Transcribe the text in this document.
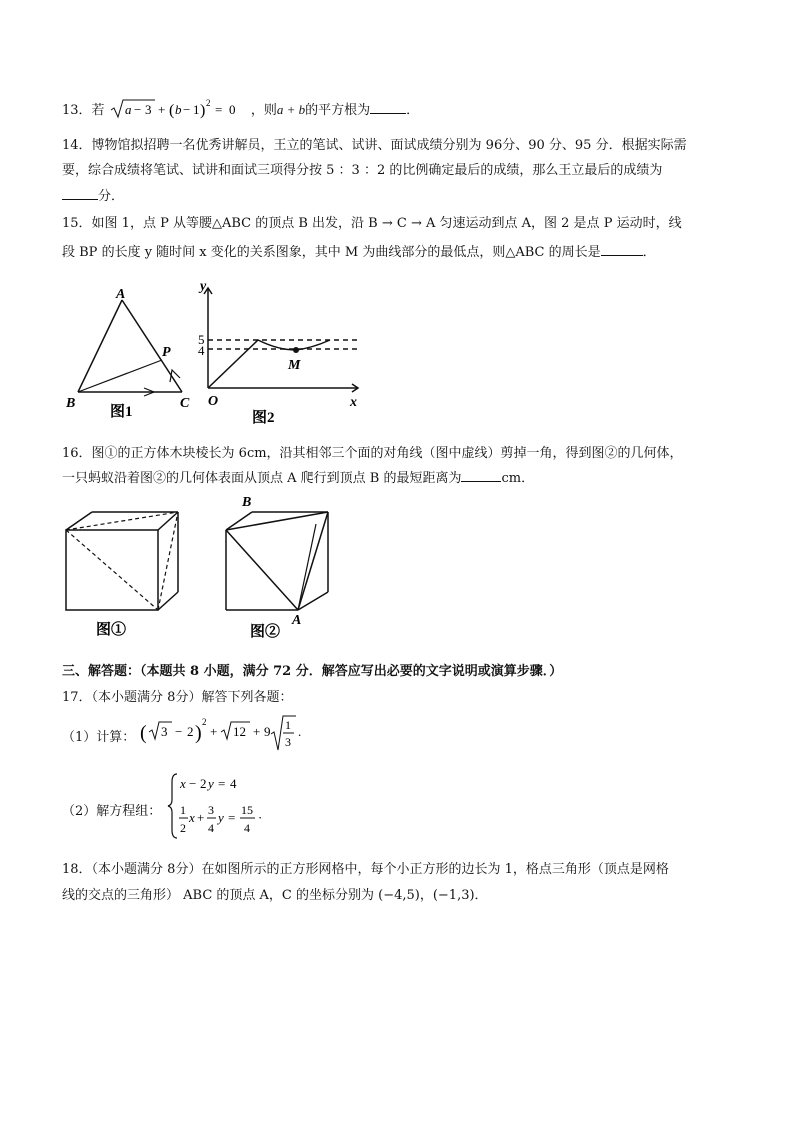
13．若 a − 3 + ( b − 1 ) 2 = 0 ，则a + b的平方根为	．
14．博物馆拟招聘一名优秀讲解员，王立的笔试、试讲、面试成绩分别为 96分、90 分、95 分．根据实际需
要，综合成绩将笔试、试讲和面试三项得分按 5 ：3 ：2 的比例确定最后的成绩，那么王立最后的成绩为
分．
15．如图 1，点 P 从等腰△ABC 的顶点 B 出发，沿 B → C → A 匀速运动到点 A，图 2 是点 P 运动时，线
段 BP 的长度 y 随时间 x 变化的关系图象，其中 M 为曲线部分的最低点，则△ABC 的周长是	．
A
B	C
P
图1
y
x
O
5
4
M
图2
16．图①的正方体木块棱长为 6cm，沿其相邻三个面的对角线（图中虚线）剪掉一角，得到图②的几何体，
一只蚂蚁沿着图②的几何体表面从顶点 A 爬行到顶点 B 的最短距离为	cm．
图①
B
A
图②
三、解答题：（本题共 8 小题，满分 72 分．解答应写出必要的文字说明或演算步骤．）
17．（本小题满分 8分）解答下列各题：
（1）计算： ( 3 − 2 ) 2
+ 12 + 9 1
3
.
（2）解方程组：
x − 2 y = 4
1
2
x + 3
4
y = 15
4
·
18．（本小题满分 8分）在如图所示的正方形网格中，每个小正方形的边长为 1，格点三角形（顶点是网格
线的交点的三角形） ABC 的顶点 A，C 的坐标分别为 (−4,5)，(−1,3)．
